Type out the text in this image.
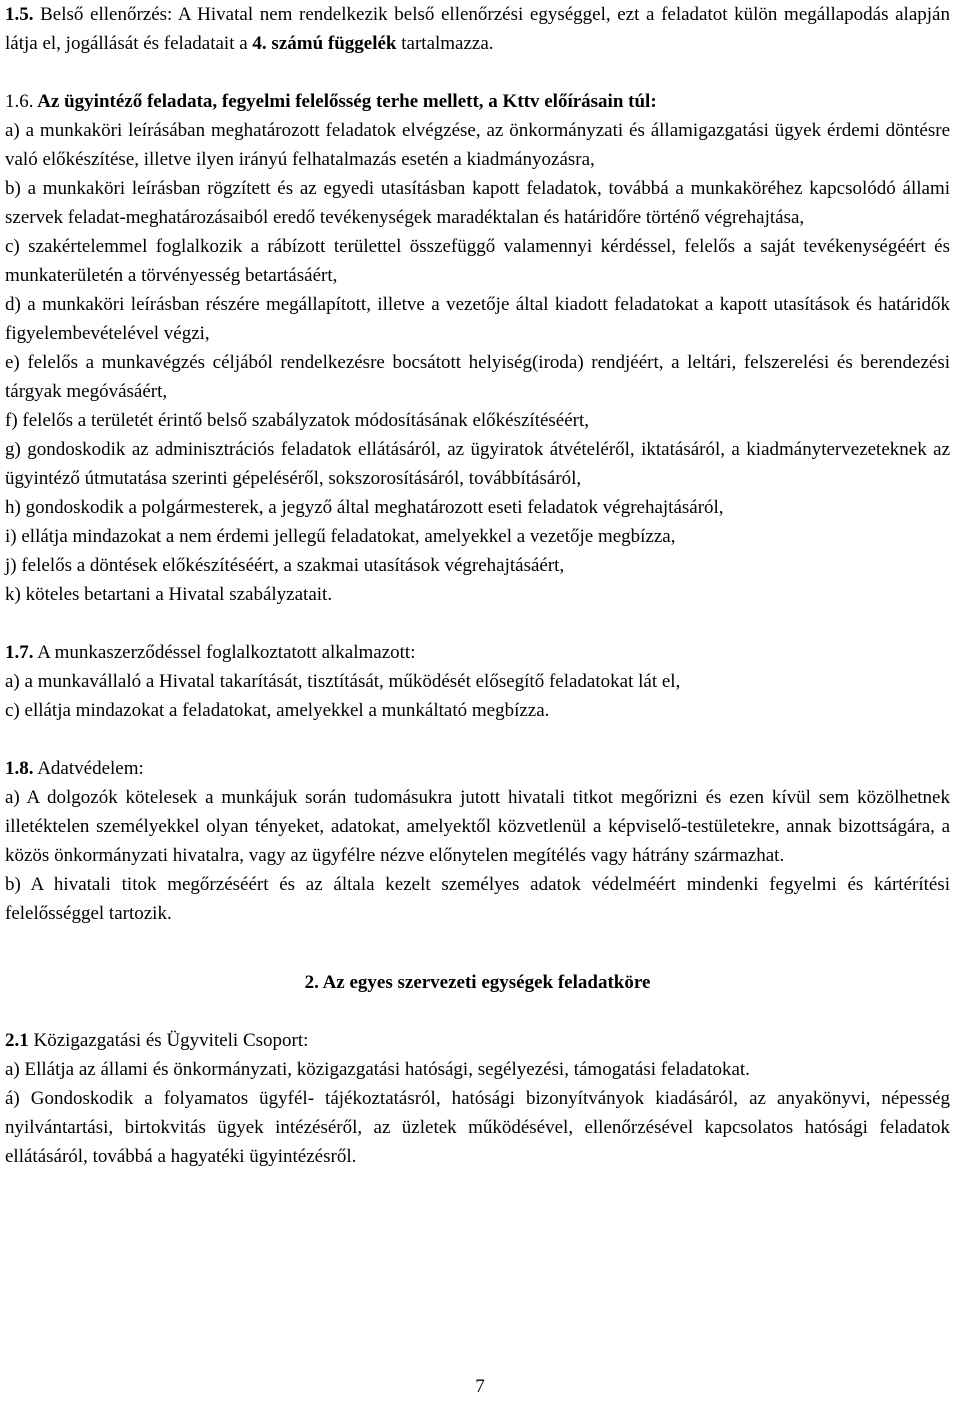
1.5. Belső ellenőrzés: A Hivatal nem rendelkezik belső ellenőrzési egységgel, ezt a feladatot külön megállapodás alapján látja el, jogállását és feladatait a 4. számú függelék tartalmazza.

1.6. Az ügyintéző feladata, fegyelmi felelősség terhe mellett, a Kttv előírásain túl:

a) a munkaköri leírásában meghatározott feladatok elvégzése, az önkormányzati és államigazgatási ügyek érdemi döntésre való előkészítése, illetve ilyen irányú felhatalmazás esetén a kiadmányozásra,

b) a munkaköri leírásban rögzített és az egyedi utasításban kapott feladatok, továbbá a munkaköréhez kapcsolódó állami szervek feladat-meghatározásaiból eredő tevékenységek maradéktalan és határidőre történő végrehajtása,

c) szakértelemmel foglalkozik a rábízott területtel összefüggő valamennyi kérdéssel, felelős a saját tevékenységéért és munkaterületén a törvényesség betartásáért,

d) a munkaköri leírásban részére megállapított, illetve a vezetője által kiadott feladatokat a kapott utasítások és határidők figyelembevételével végzi,

e) felelős a munkavégzés céljából rendelkezésre bocsátott helyiség(iroda) rendjéért, a leltári, felszerelési és berendezési tárgyak megóvásáért,

f) felelős a területét érintő belső szabályzatok módosításának előkészítéséért,

g) gondoskodik az adminisztrációs feladatok ellátásáról, az ügyiratok átvételéről, iktatásáról, a kiadmánytervezeteknek az ügyintéző útmutatása szerinti gépeléséről, sokszorosításáról, továbbításáról,

h) gondoskodik a polgármesterek, a jegyző által meghatározott eseti feladatok végrehajtásáról,

i) ellátja mindazokat a nem érdemi jellegű feladatokat, amelyekkel a vezetője megbízza,

j) felelős a döntések előkészítéséért, a szakmai utasítások végrehajtásáért,

k) köteles betartani a Hivatal szabályzatait.

1.7. A munkaszerződéssel foglalkoztatott alkalmazott:

a) a munkavállaló a Hivatal takarítását, tisztítását, működését elősegítő feladatokat lát el,

c) ellátja mindazokat a feladatokat, amelyekkel a munkáltató megbízza.

1.8. Adatvédelem:

a) A dolgozók kötelesek a munkájuk során tudomásukra jutott hivatali titkot megőrizni és ezen kívül sem közölhetnek illetéktelen személyekkel olyan tényeket, adatokat, amelyektől közvetlenül a képviselő-testületekre, annak bizottságára, a közös önkormányzati hivatalra, vagy az ügyfélre nézve előnytelen megítélés vagy hátrány származhat.

b) A hivatali titok megőrzéséért és az általa kezelt személyes adatok védelméért mindenki fegyelmi és kártérítési felelősséggel tartozik.

2. Az egyes szervezeti egységek feladatköre

2.1 Közigazgatási és Ügyviteli Csoport:

a) Ellátja az állami és önkormányzati, közigazgatási hatósági, segélyezési, támogatási feladatokat.

á) Gondoskodik a folyamatos ügyfél- tájékoztatásról, hatósági bizonyítványok kiadásáról, az anyakönyvi, népesség nyilvántartási, birtokvitás ügyek intézéséről, az üzletek működésével, ellenőrzésével kapcsolatos hatósági feladatok ellátásáról, továbbá a hagyatéki ügyintézésről.

7
